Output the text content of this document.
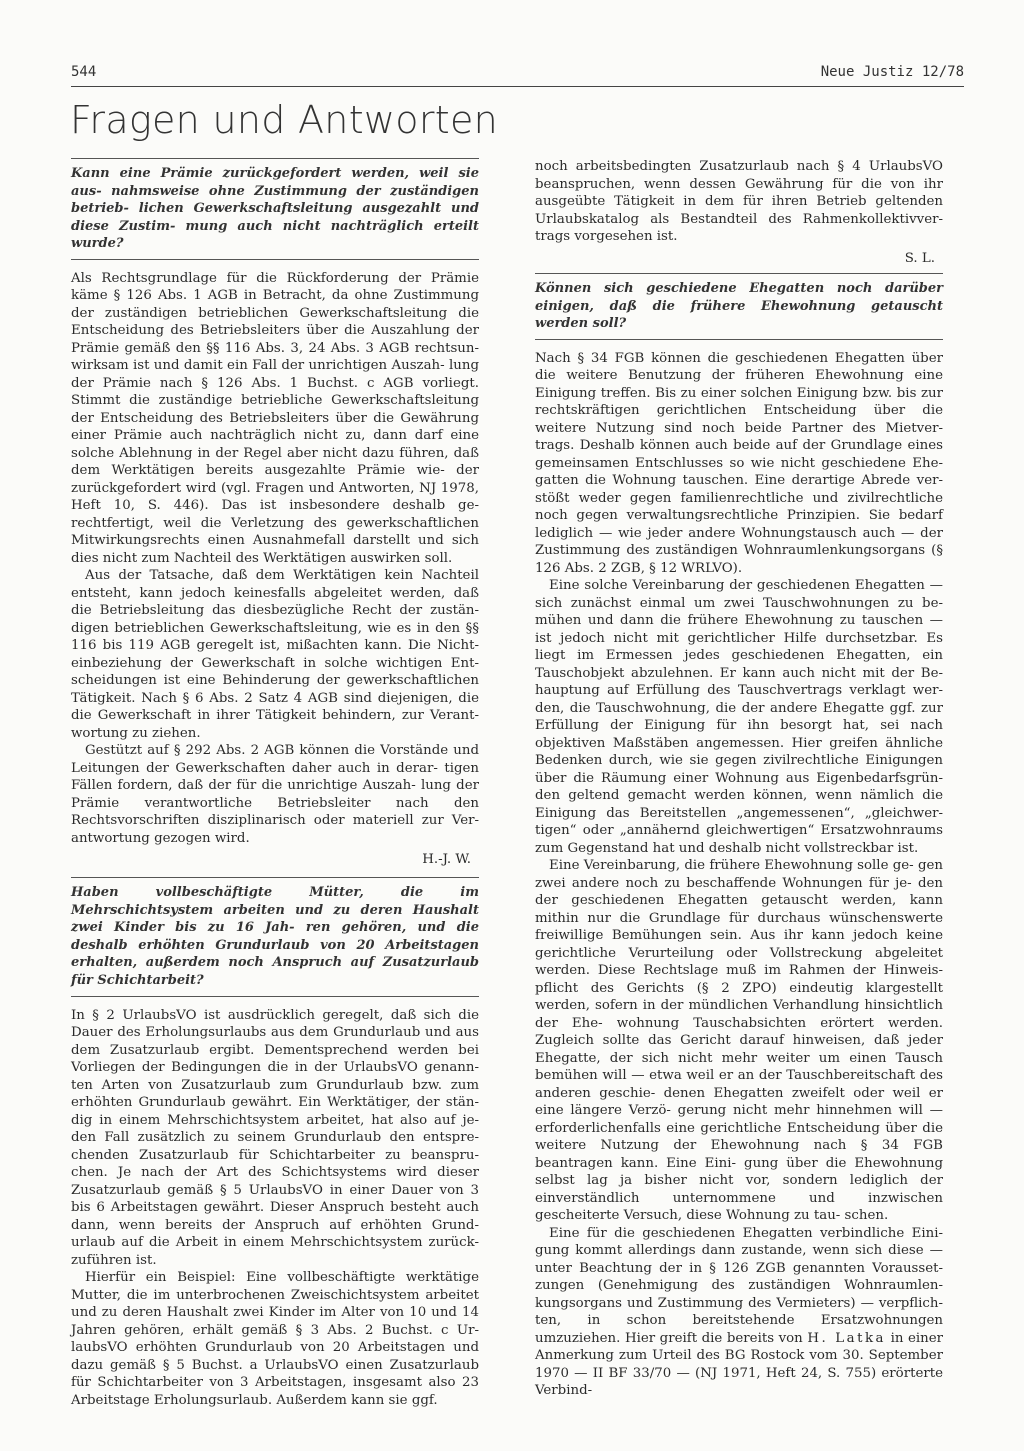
544	Neue Justiz 12/78
Fragen und Antworten

Kann eine Prämie zurückgefordert werden, weil sie aus- nahmsweise ohne Zustimmung der zuständigen betrieb- lichen Gewerkschaftsleitung ausgezahlt und diese Zustim- mung auch nicht nachträglich erteilt wurde?

Als Rechtsgrundlage für die Rückforderung der Prämie käme § 126 Abs. 1 AGB in Betracht, da ohne Zustimmung der zuständigen betrieblichen Gewerkschaftsleitung die Entscheidung des Betriebsleiters über die Auszahlung der Prämie gemäß den §§ 116 Abs. 3, 24 Abs. 3 AGB rechtsun- wirksam ist und damit ein Fall der unrichtigen Auszah- lung der Prämie nach § 126 Abs. 1 Buchst. c AGB vorliegt. Stimmt die zuständige betriebliche Gewerkschaftsleitung der Entscheidung des Betriebsleiters über die Gewährung einer Prämie auch nachträglich nicht zu, dann darf eine solche Ablehnung in der Regel aber nicht dazu führen, daß dem Werktätigen bereits ausgezahlte Prämie wie- der zurückgefordert wird (vgl. Fragen und Antworten, NJ 1978, Heft 10, S. 446). Das ist insbesondere deshalb ge- rechtfertigt, weil die Verletzung des gewerkschaftlichen Mitwirkungsrechts einen Ausnahmefall darstellt und sich dies nicht zum Nachteil des Werktätigen auswirken soll.

Aus der Tatsache, daß dem Werktätigen kein Nachteil entsteht, kann jedoch keinesfalls abgeleitet werden, daß die Betriebsleitung das diesbezügliche Recht der zustän- digen betrieblichen Gewerkschaftsleitung, wie es in den §§ 116 bis 119 AGB geregelt ist, mißachten kann. Die Nicht- einbeziehung der Gewerkschaft in solche wichtigen Ent- scheidungen ist eine Behinderung der gewerkschaftlichen Tätigkeit. Nach § 6 Abs. 2 Satz 4 AGB sind diejenigen, die die Gewerkschaft in ihrer Tätigkeit behindern, zur Verant- wortung zu ziehen.

Gestützt auf § 292 Abs. 2 AGB können die Vorstände und Leitungen der Gewerkschaften daher auch in derar- tigen Fällen fordern, daß der für die unrichtige Auszah- lung der Prämie verantwortliche Betriebsleiter nach den Rechtsvorschriften disziplinarisch oder materiell zur Ver- antwortung gezogen wird.

H.-J. W.

Haben vollbeschäftigte Mütter, die im Mehrschichtsystem arbeiten und zu deren Haushalt zwei Kinder bis zu 16 Jah- ren gehören, und die deshalb erhöhten Grundurlaub von 20 Arbeitstagen erhalten, außerdem noch Anspruch auf Zusatzurlaub für Schichtarbeit?

In § 2 UrlaubsVO ist ausdrücklich geregelt, daß sich die Dauer des Erholungsurlaubs aus dem Grundurlaub und aus dem Zusatzurlaub ergibt. Dementsprechend werden bei Vorliegen der Bedingungen die in der UrlaubsVO genann- ten Arten von Zusatzurlaub zum Grundurlaub bzw. zum erhöhten Grundurlaub gewährt. Ein Werktätiger, der stän- dig in einem Mehrschichtsystem arbeitet, hat also auf je- den Fall zusätzlich zu seinem Grundurlaub den entspre- chenden Zusatzurlaub für Schichtarbeiter zu beanspru- chen. Je nach der Art des Schichtsystems wird dieser Zusatzurlaub gemäß § 5 UrlaubsVO in einer Dauer von 3 bis 6 Arbeitstagen gewährt. Dieser Anspruch besteht auch dann, wenn bereits der Anspruch auf erhöhten Grund- urlaub auf die Arbeit in einem Mehrschichtsystem zurück- zuführen ist.

Hierfür ein Beispiel: Eine vollbeschäftigte werktätige Mutter, die im unterbrochenen Zweischichtsystem arbeitet und zu deren Haushalt zwei Kinder im Alter von 10 und 14 Jahren gehören, erhält gemäß § 3 Abs. 2 Buchst. c Ur- laubsVO erhöhten Grundurlaub von 20 Arbeitstagen und dazu gemäß § 5 Buchst. a UrlaubsVO einen Zusatzurlaub für Schichtarbeiter von 3 Arbeitstagen, insgesamt also 23 Arbeitstage Erholungsurlaub. Außerdem kann sie ggf.

noch arbeitsbedingten Zusatzurlaub nach § 4 UrlaubsVO beanspruchen, wenn dessen Gewährung für die von ihr ausgeübte Tätigkeit in dem für ihren Betrieb geltenden Urlaubskatalog als Bestandteil des Rahmenkollektivver- trags vorgesehen ist.

S. L.

Können sich geschiedene Ehegatten noch darüber einigen, daß die frühere Ehewohnung getauscht werden soll?

Nach § 34 FGB können die geschiedenen Ehegatten über die weitere Benutzung der früheren Ehewohnung eine Einigung treffen. Bis zu einer solchen Einigung bzw. bis zur rechtskräftigen gerichtlichen Entscheidung über die weitere Nutzung sind noch beide Partner des Mietver- trags. Deshalb können auch beide auf der Grundlage eines gemeinsamen Entschlusses so wie nicht geschiedene Ehe- gatten die Wohnung tauschen. Eine derartige Abrede ver- stößt weder gegen familienrechtliche und zivilrechtliche noch gegen verwaltungsrechtliche Prinzipien. Sie bedarf lediglich — wie jeder andere Wohnungstausch auch — der Zustimmung des zuständigen Wohnraumlenkungsorgans (§ 126 Abs. 2 ZGB, § 12 WRLVO).

Eine solche Vereinbarung der geschiedenen Ehegatten — sich zunächst einmal um zwei Tauschwohnungen zu be- mühen und dann die frühere Ehewohnung zu tauschen — ist jedoch nicht mit gerichtlicher Hilfe durchsetzbar. Es liegt im Ermessen jedes geschiedenen Ehegatten, ein Tauschobjekt abzulehnen. Er kann auch nicht mit der Be- hauptung auf Erfüllung des Tauschvertrags verklagt wer- den, die Tauschwohnung, die der andere Ehegatte ggf. zur Erfüllung der Einigung für ihn besorgt hat, sei nach objektiven Maßstäben angemessen. Hier greifen ähnliche Bedenken durch, wie sie gegen zivilrechtliche Einigungen über die Räumung einer Wohnung aus Eigenbedarfsgrün- den geltend gemacht werden können, wenn nämlich die Einigung das Bereitstellen „angemessenen“, „gleichwer- tigen“ oder „annähernd gleichwertigen“ Ersatzwohnraums zum Gegenstand hat und deshalb nicht vollstreckbar ist.

Eine Vereinbarung, die frühere Ehewohnung solle ge- gen zwei andere noch zu beschaffende Wohnungen für je- den der geschiedenen Ehegatten getauscht werden, kann mithin nur die Grundlage für durchaus wünschenswerte freiwillige Bemühungen sein. Aus ihr kann jedoch keine gerichtliche Verurteilung oder Vollstreckung abgeleitet werden. Diese Rechtslage muß im Rahmen der Hinweis- pflicht des Gerichts (§ 2 ZPO) eindeutig klargestellt werden, sofern in der mündlichen Verhandlung hinsichtlich der Ehe- wohnung Tauschabsichten erörtert werden. Zugleich sollte das Gericht darauf hinweisen, daß jeder Ehegatte, der sich nicht mehr weiter um einen Tausch bemühen will — etwa weil er an der Tauschbereitschaft des anderen geschie- denen Ehegatten zweifelt oder weil er eine längere Verzö- gerung nicht mehr hinnehmen will — erforderlichenfalls eine gerichtliche Entscheidung über die weitere Nutzung der Ehewohnung nach § 34 FGB beantragen kann. Eine Eini- gung über die Ehewohnung selbst lag ja bisher nicht vor, sondern lediglich der einverständlich unternommene und inzwischen gescheiterte Versuch, diese Wohnung zu tau- schen.

Eine für die geschiedenen Ehegatten verbindliche Eini- gung kommt allerdings dann zustande, wenn sich diese — unter Beachtung der in § 126 ZGB genannten Vorausset- zungen (Genehmigung des zuständigen Wohnraumlen- kungsorgans und Zustimmung des Vermieters) — verpflich- ten, in schon bereitstehende Ersatzwohnungen umzuziehen. Hier greift die bereits von H. Latka in einer Anmerkung zum Urteil des BG Rostock vom 30. September 1970 — II BF 33/70 — (NJ 1971, Heft 24, S. 755) erörterte Verbind-
